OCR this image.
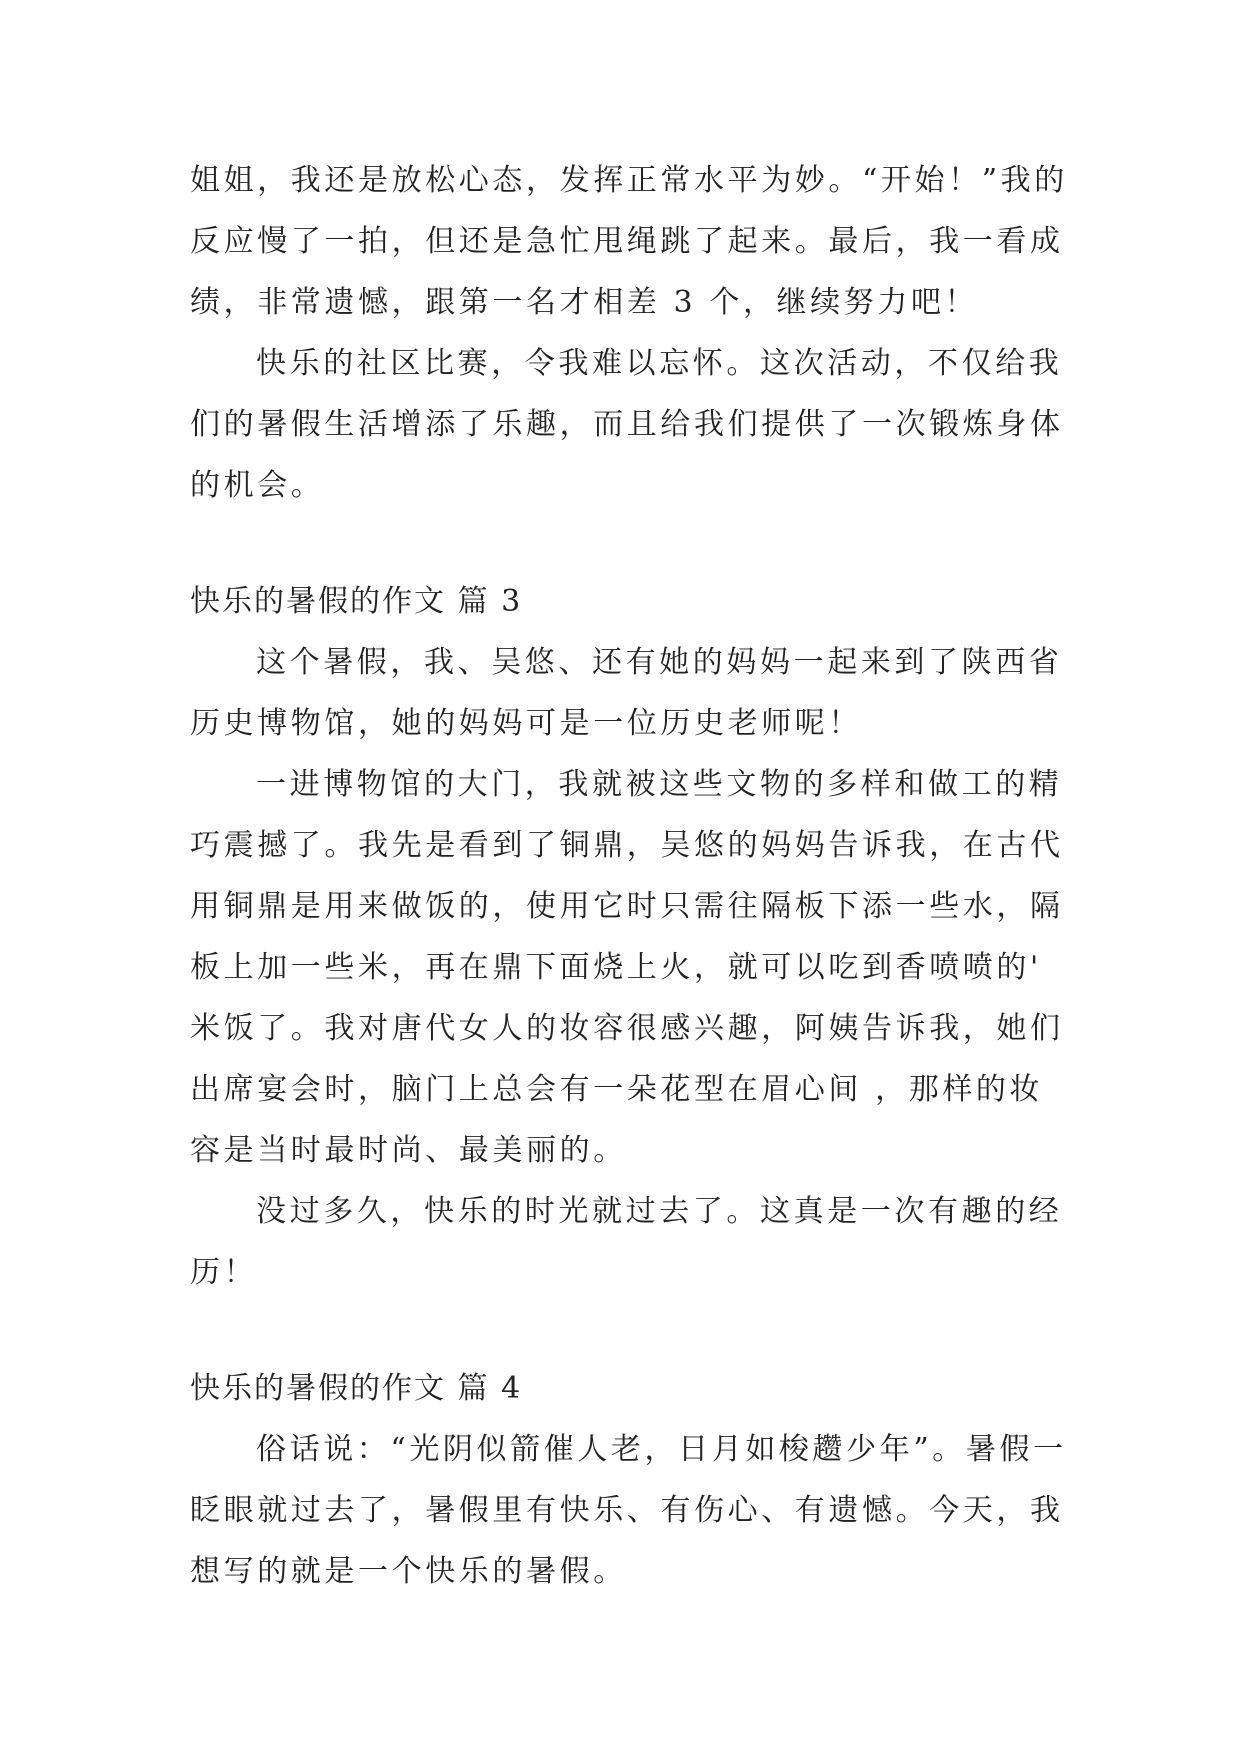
姐姐，我还是放松心态，发挥正常水平为妙。“开始！”我的
反应慢了一拍，但还是急忙甩绳跳了起来。最后，我一看成
绩，非常遗憾，跟第一名才相差 3 个，继续努力吧！
快乐的社区比赛，令我难以忘怀。这次活动，不仅给我
们的暑假生活增添了乐趣，而且给我们提供了一次锻炼身体
的机会。
快乐的暑假的作文 篇 3
这个暑假，我、吴悠、还有她的妈妈一起来到了陕西省
历史博物馆，她的妈妈可是一位历史老师呢！
一进博物馆的大门，我就被这些文物的多样和做工的精
巧震撼了。我先是看到了铜鼎，吴悠的妈妈告诉我，在古代
用铜鼎是用来做饭的，使用它时只需往隔板下添一些水，隔
板上加一些米，再在鼎下面烧上火，就可以吃到香喷喷的'
米饭了。我对唐代女人的妆容很感兴趣，阿姨告诉我，她们
出席宴会时，脑门上总会有一朵花型在眉心间 ，那样的妆
容是当时最时尚、最美丽的。
没过多久，快乐的时光就过去了。这真是一次有趣的经
历！
快乐的暑假的作文 篇 4
俗话说：“光阴似箭催人老，日月如梭趱少年”。暑假一
眨眼就过去了，暑假里有快乐、有伤心、有遗憾。今天，我
想写的就是一个快乐的暑假。
